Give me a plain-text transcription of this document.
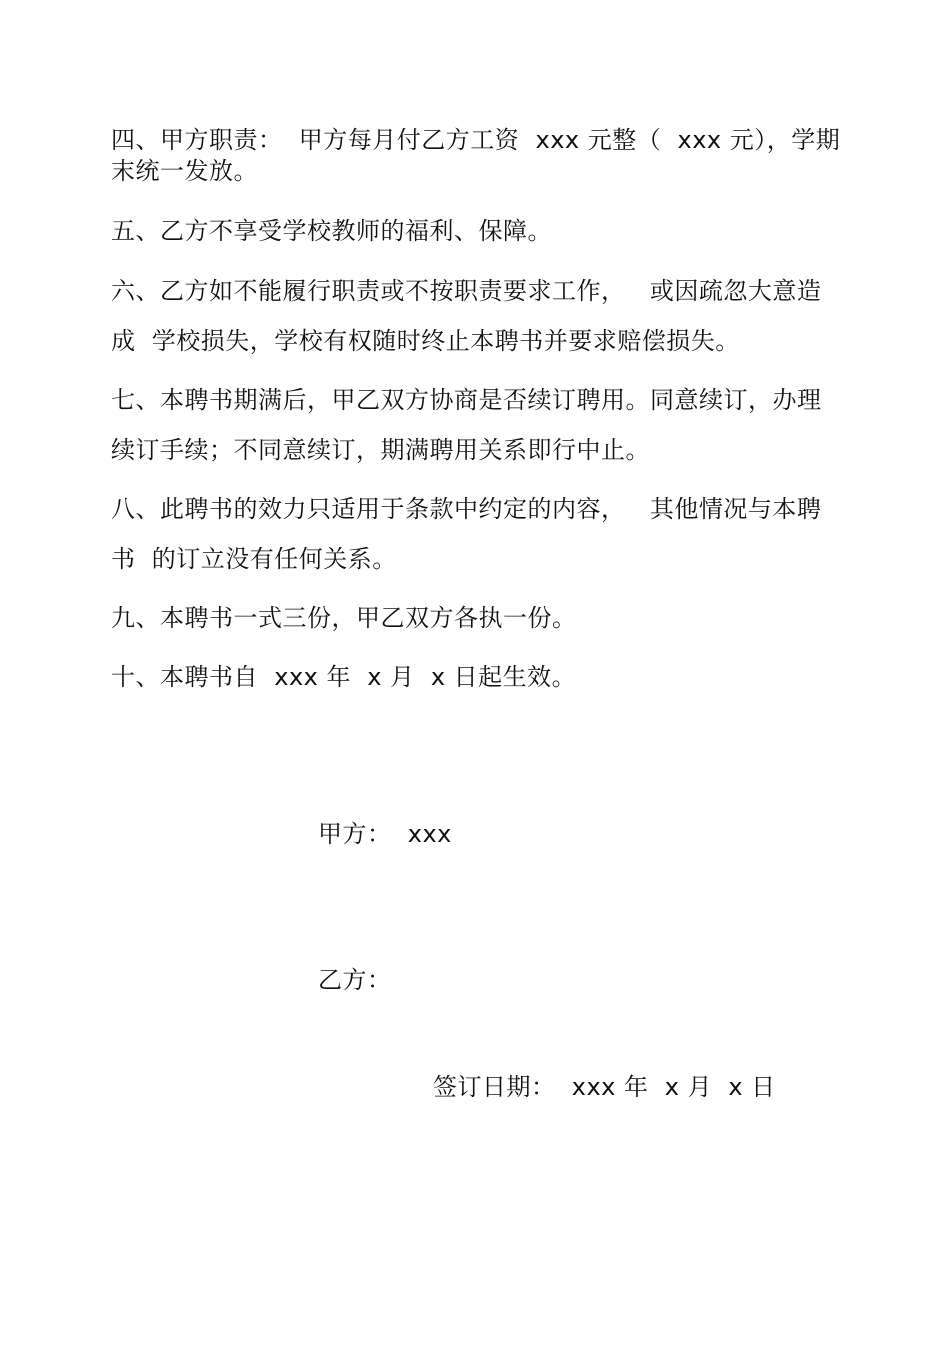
四、甲方职责：  甲方每月付乙方工资  xxx 元整（  xxx 元），学期
末统一发放。
五、乙方不享受学校教师的福利、保障。
六、乙方如不能履行职责或不按职责要求工作，   或因疏忽大意造
成  学校损失，学校有权随时终止本聘书并要求赔偿损失。
七、本聘书期满后，甲乙双方协商是否续订聘用。同意续订，办理
续订手续；不同意续订，期满聘用关系即行中止。
八、此聘书的效力只适用于条款中约定的内容，   其他情况与本聘
书  的订立没有任何关系。
九、本聘书一式三份，甲乙双方各执一份。
十、本聘书自  xxx 年  x 月  x 日起生效。
甲方：  xxx
乙方：
签订日期：  xxx 年  x 月  x 日
